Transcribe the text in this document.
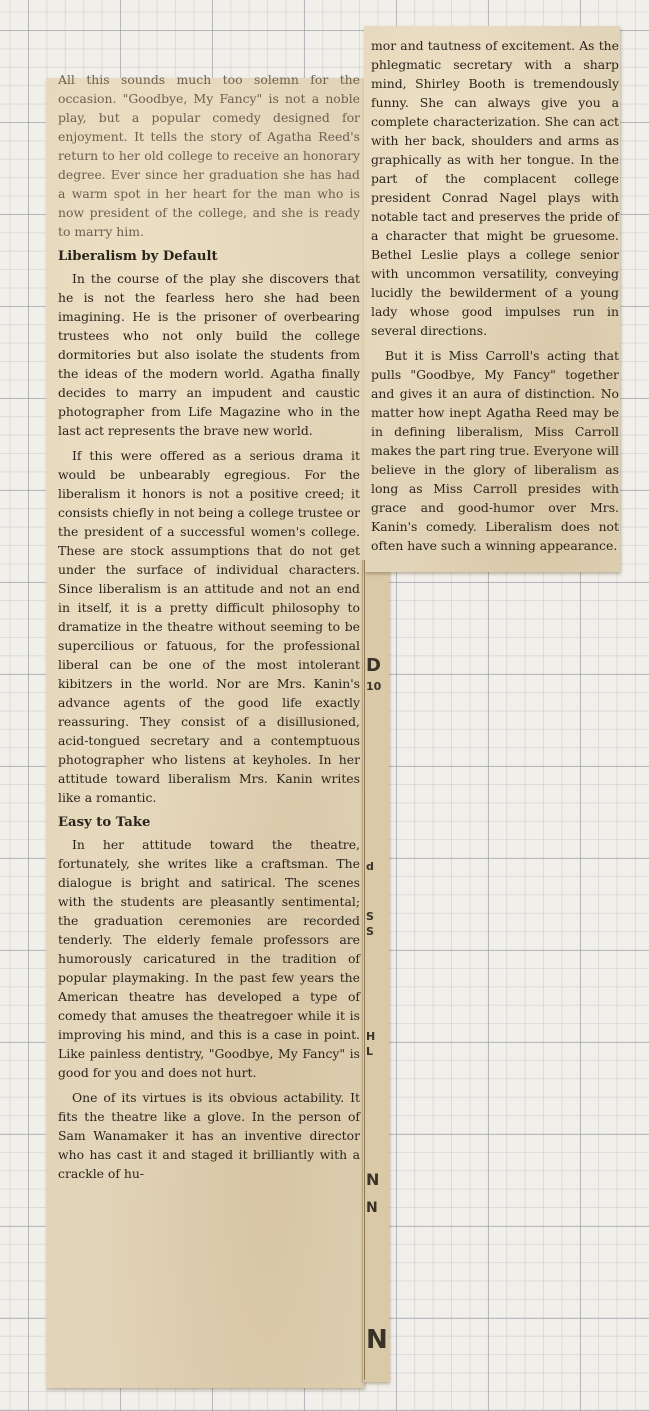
All this sounds much too solemn for the occasion. "Goodbye, My Fancy" is not a noble play, but a popular comedy designed for enjoyment. It tells the story of Agatha Reed's return to her old college to receive an honorary degree. Ever since her graduation she has had a warm spot in her heart for the man who is now president of the college, and she is ready to marry him.

Liberalism by Default

In the course of the play she discovers that he is not the fearless hero she had been imagining. He is the prisoner of overbearing trustees who not only build the college dormitories but also isolate the students from the ideas of the modern world. Agatha finally decides to marry an impudent and caustic photographer from Life Magazine who in the last act represents the brave new world.

If this were offered as a serious drama it would be unbearably egregious. For the liberalism it honors is not a positive creed; it consists chiefly in not being a college trustee or the president of a successful women's college. These are stock assumptions that do not get under the surface of individual characters. Since liberalism is an attitude and not an end in itself, it is a pretty difficult philosophy to dramatize in the theatre without seeming to be supercilious or fatuous, for the professional liberal can be one of the most intolerant kibitzers in the world. Nor are Mrs. Kanin's advance agents of the good life exactly reassuring. They consist of a disillusioned, acid-tongued secretary and a contemptuous photographer who listens at keyholes. In her attitude toward liberalism Mrs. Kanin writes like a romantic.

Easy to Take

In her attitude toward the theatre, fortunately, she writes like a craftsman. The dialogue is bright and satirical. The scenes with the students are pleasantly sentimental; the graduation ceremonies are recorded tenderly. The elderly female professors are humorously caricatured in the tradition of popular playmaking. In the past few years the American theatre has developed a type of comedy that amuses the theatregoer while it is improving his mind, and this is a case in point. Like painless dentistry, "Goodbye, My Fancy" is good for you and does not hurt.

One of its virtues is its obvious actability. It fits the theatre like a glove. In the person of Sam Wanamaker it has an inventive director who has cast it and staged it brilliantly with a crackle of hu-

mor and tautness of excitement. As the phlegmatic secretary with a sharp mind, Shirley Booth is tremendously funny. She can always give you a complete characterization. She can act with her back, shoulders and arms as graphically as with her tongue. In the part of the complacent college president Conrad Nagel plays with notable tact and preserves the pride of a character that might be gruesome. Bethel Leslie plays a college senior with uncommon versatility, conveying lucidly the bewilderment of a young lady whose good impulses run in several directions.

But it is Miss Carroll's acting that pulls "Goodbye, My Fancy" together and gives it an aura of distinction. No matter how inept Agatha Reed may be in defining liberalism, Miss Carroll makes the part ring true. Everyone will believe in the glory of liberalism as long as Miss Carroll presides with grace and good-humor over Mrs. Kanin's comedy. Liberalism does not often have such a winning appearance.

D
10
d
S
S
H
L
N
N
N
